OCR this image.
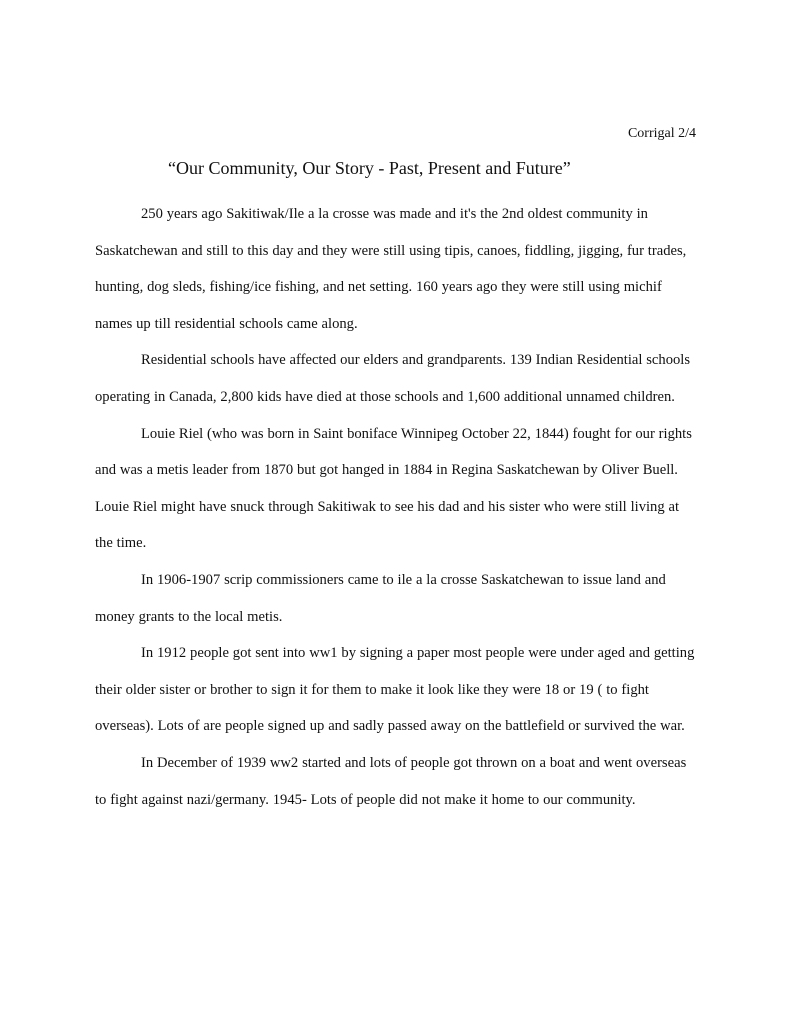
Corrigal 2/4
“Our Community, Our Story - Past, Present and Future”

250 years ago Sakitiwak/Ile a la crosse was made and it's the 2nd oldest community in Saskatchewan and still to this day and they were still using tipis, canoes, fiddling, jigging, fur trades, hunting, dog sleds, fishing/ice fishing, and net setting. 160 years ago they were still using michif names up till residential schools came along.

Residential schools have affected our elders and grandparents. 139 Indian Residential schools operating in Canada, 2,800 kids have died at those schools and 1,600 additional unnamed children.

Louie Riel (who was born in Saint boniface Winnipeg October 22, 1844) fought for our rights and was a metis leader from 1870 but got hanged in 1884 in Regina Saskatchewan by Oliver Buell. Louie Riel might have snuck through Sakitiwak to see his dad and his sister who were still living at the time.

In 1906-1907 scrip commissioners came to ile a la crosse Saskatchewan to issue land and money grants to the local metis.

In 1912 people got sent into ww1 by signing a paper most people were under aged and getting their older sister or brother to sign it for them to make it look like they were 18 or 19 ( to fight overseas). Lots of are people signed up and sadly passed away on the battlefield or survived the war.

In December of 1939 ww2 started and lots of people got thrown on a boat and went overseas to fight against nazi/germany. 1945- Lots of people did not make it home to our community.
